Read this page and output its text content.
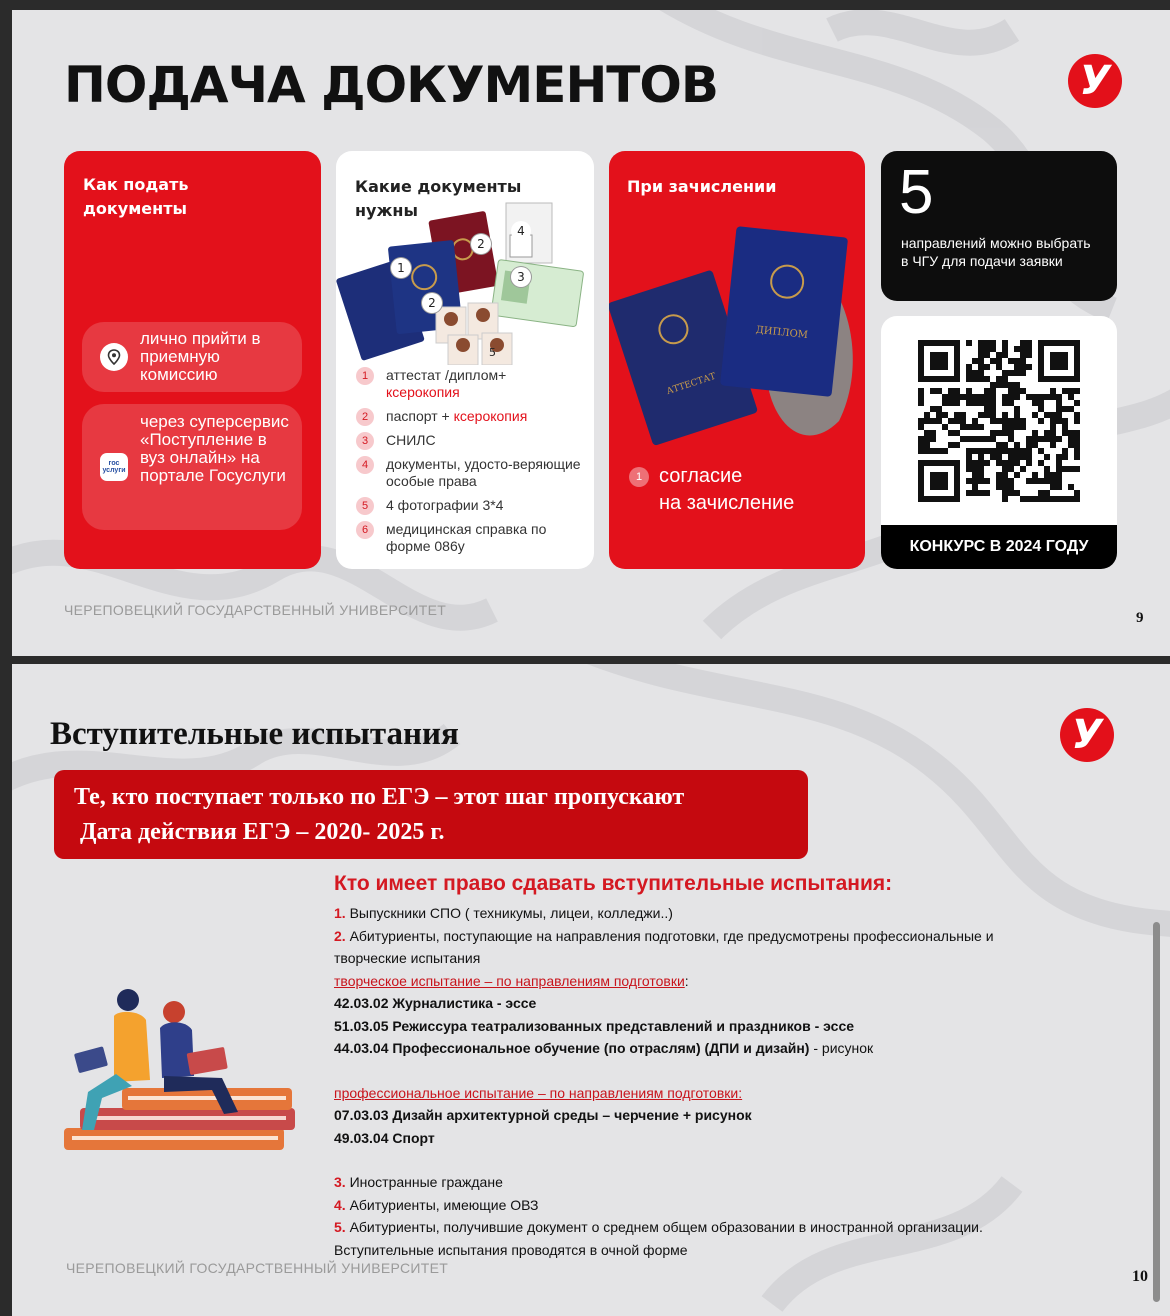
ПОДАЧА ДОКУМЕНТОВ	У
Как подать документы
лично прийти в приемную комиссию
гос услуги
через суперсервис «Поступление в вуз онлайн» на портале Госуслуги
Какие документы нужны
1
2
3
4
5
2
1	аттестат /диплом+
ксерокопия
2	паспорт + ксерокопия
3	СНИЛС
4	документы, удосто-веряющие особые права
5	4 фотографии 3*4
6	медицинская справка по форме 086у
При зачислении
АТТЕСТАТ
ДИПЛОМ
1 согласие
на зачисление
5
направлений можно выбрать в ЧГУ для подачи заявки
КОНКУРС В 2024 ГОДУ
ЧЕРЕПОВЕЦКИЙ ГОСУДАРСТВЕННЫЙ УНИВЕРСИТЕТ	9
Вступительные испытания	У
Те, кто поступает только по ЕГЭ – этот шаг пропускают
Дата действия ЕГЭ – 2020- 2025 г.
Кто имеет право сдавать вступительные испытания:
1. Выпускники СПО ( техникумы, лицеи, колледжи..)
2. Абитуриенты, поступающие на направления подготовки, где предусмотрены профессиональные и
творческие испытания
творческое испытание – по направлениям подготовки:
42.03.02 Журналистика - эссе
51.03.05 Режиссура театрализованных представлений и праздников - эссе
44.03.04 Профессиональное обучение (по отраслям) (ДПИ и дизайн) - рисунок
профессиональное испытание – по направлениям подготовки:
07.03.03 Дизайн архитектурной среды – черчение + рисунок
49.03.04 Спорт
3. Иностранные граждане
4. Абитуриенты, имеющие ОВЗ
5. Абитуриенты, получившие документ о среднем общем образовании в иностранной организации.
Вступительные испытания проводятся в очной форме
ЧЕРЕПОВЕЦКИЙ ГОСУДАРСТВЕННЫЙ УНИВЕРСИТЕТ	10
